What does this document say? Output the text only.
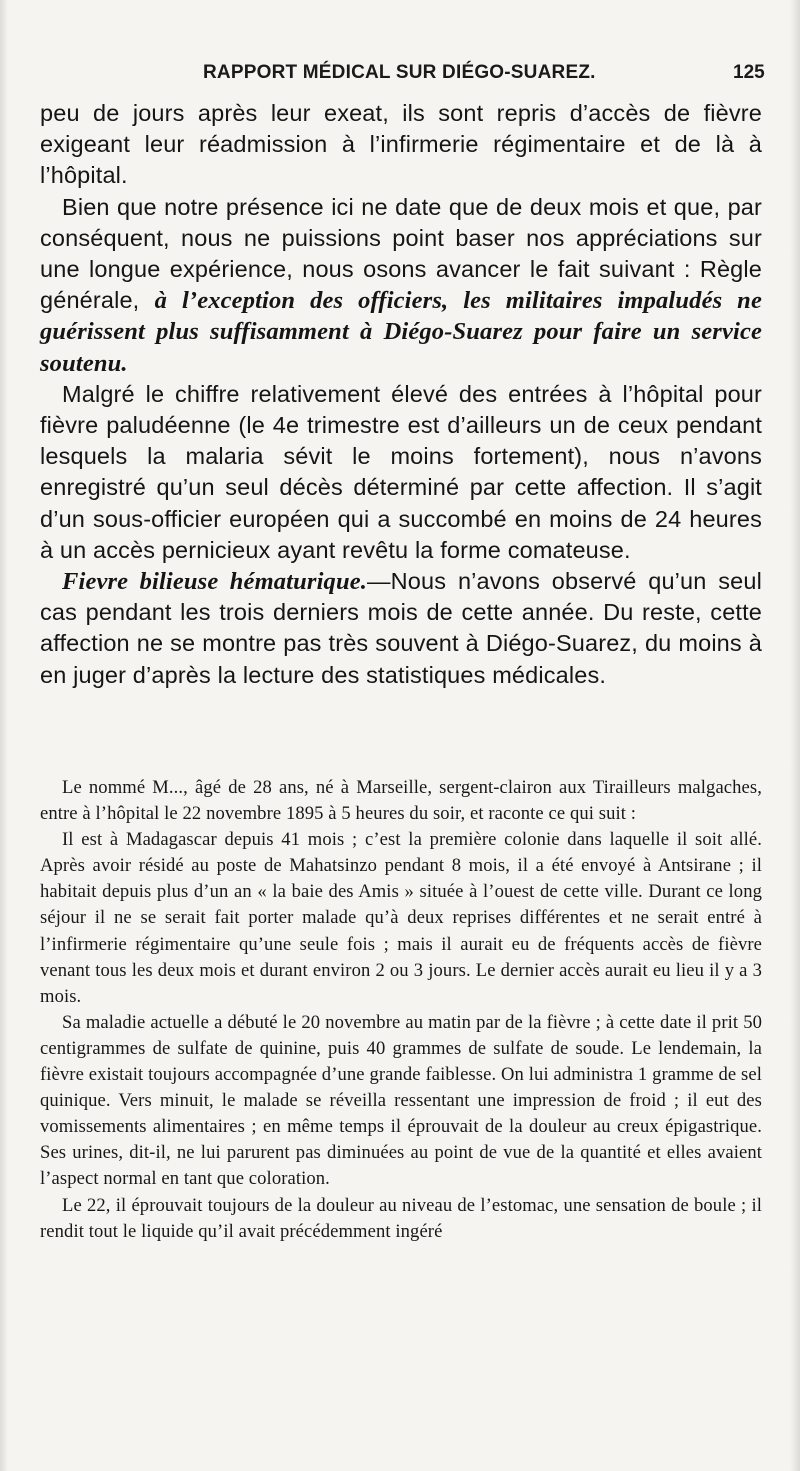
RAPPORT MÉDICAL SUR DIÉGO-SUAREZ.	125

peu de jours après leur exeat, ils sont repris d’accès de fièvre exigeant leur réadmission à l’infirmerie régimentaire et de là à l’hôpital.

Bien que notre présence ici ne date que de deux mois et que, par conséquent, nous ne puissions point baser nos appréciations sur une longue expérience, nous osons avancer le fait suivant : Règle générale, à l’exception des officiers, les militaires impaludés ne guérissent plus suffisamment à Diégo-Suarez pour faire un service soutenu.

Malgré le chiffre relativement élevé des entrées à l’hôpital pour fièvre paludéenne (le 4e trimestre est d’ailleurs un de ceux pendant lesquels la malaria sévit le moins fortement), nous n’avons enregistré qu’un seul décès déterminé par cette affection. Il s’agit d’un sous-officier européen qui a succombé en moins de 24 heures à un accès pernicieux ayant revêtu la forme comateuse.

Fievre bilieuse hématurique.—Nous n’avons observé qu’un seul cas pendant les trois derniers mois de cette année. Du reste, cette affection ne se montre pas très souvent à Diégo-Suarez, du moins à en juger d’après la lecture des statistiques médicales.

Le nommé M..., âgé de 28 ans, né à Marseille, sergent-clairon aux Tirailleurs malgaches, entre à l’hôpital le 22 novembre 1895 à 5 heures du soir, et raconte ce qui suit :

Il est à Madagascar depuis 41 mois ; c’est la première colonie dans laquelle il soit allé. Après avoir résidé au poste de Mahatsinzo pendant 8 mois, il a été envoyé à Antsirane ; il habitait depuis plus d’un an « la baie des Amis » située à l’ouest de cette ville. Durant ce long séjour il ne se serait fait porter malade qu’à deux reprises différentes et ne serait entré à l’infirmerie régimentaire qu’une seule fois ; mais il aurait eu de fréquents accès de fièvre venant tous les deux mois et durant environ 2 ou 3 jours. Le dernier accès aurait eu lieu il y a 3 mois.

Sa maladie actuelle a débuté le 20 novembre au matin par de la fièvre ; à cette date il prit 50 centigrammes de sulfate de quinine, puis 40 grammes de sulfate de soude. Le lendemain, la fièvre existait toujours accompagnée d’une grande faiblesse. On lui administra 1 gramme de sel quinique. Vers minuit, le malade se réveilla ressentant une impression de froid ; il eut des vomissements alimentaires ; en même temps il éprouvait de la douleur au creux épigastrique. Ses urines, dit-il, ne lui parurent pas diminuées au point de vue de la quantité et elles avaient l’aspect normal en tant que coloration.

Le 22, il éprouvait toujours de la douleur au niveau de l’estomac, une sensation de boule ; il rendit tout le liquide qu’il avait précédemment ingéré
